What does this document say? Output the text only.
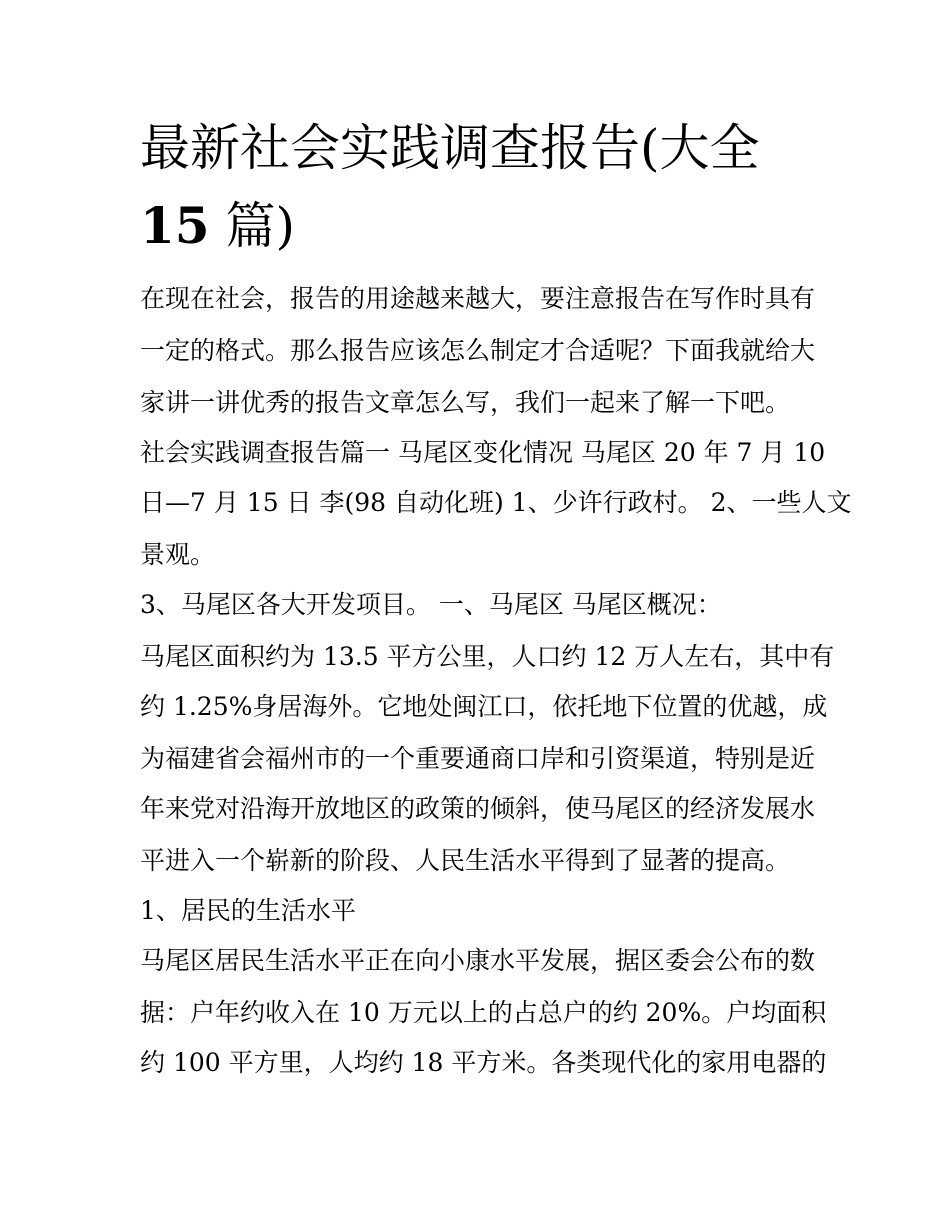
最新社会实践调查报告(大全
15 篇)
在现在社会，报告的用途越来越大，要注意报告在写作时具有
一定的格式。那么报告应该怎么制定才合适呢？下面我就给大
家讲一讲优秀的报告文章怎么写，我们一起来了解一下吧。
社会实践调查报告篇一 马尾区变化情况 马尾区 20 年 7 月 10
日—7 月 15 日 李(98 自动化班) 1、少许行政村。 2、一些人文
景观。
3、马尾区各大开发项目。 一、马尾区 马尾区概况：
马尾区面积约为 13.5 平方公里，人口约 12 万人左右，其中有
约 1.25%身居海外。它地处闽江口，依托地下位置的优越，成
为福建省会福州市的一个重要通商口岸和引资渠道，特别是近
年来党对沿海开放地区的政策的倾斜，使马尾区的经济发展水
平进入一个崭新的阶段、人民生活水平得到了显著的提高。
1、居民的生活水平
马尾区居民生活水平正在向小康水平发展，据区委会公布的数
据：户年约收入在 10 万元以上的占总户的约 20%。户均面积
约 100 平方里，人均约 18 平方米。各类现代化的家用电器的
